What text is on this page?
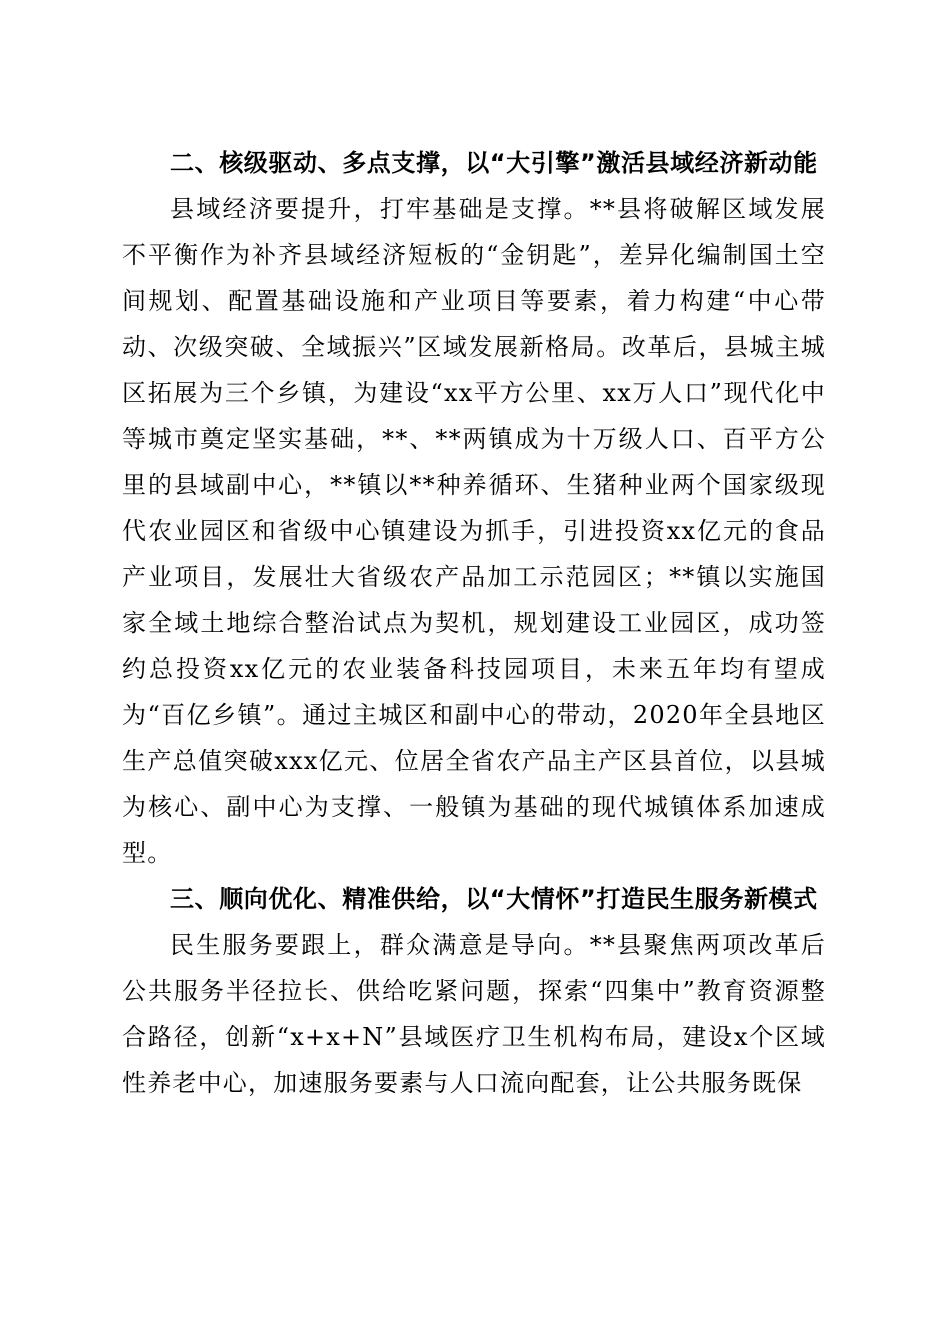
二、核级驱动、多点支撑，以“大引擎”激活县域经济新动能

县域经济要提升，打牢基础是支撑。**县将破解区域发展不平衡作为补齐县域经济短板的“金钥匙”，差异化编制国土空间规划、配置基础设施和产业项目等要素，着力构建“中心带动、次级突破、全域振兴”区域发展新格局。改革后，县城主城区拓展为三个乡镇，为建设“xx平方公里、xx万人口”现代化中等城市奠定坚实基础，**、**两镇成为十万级人口、百平方公里的县域副中心，**镇以**种养循环、生猪种业两个国家级现代农业园区和省级中心镇建设为抓手，引进投资xx亿元的食品产业项目，发展壮大省级农产品加工示范园区；**镇以实施国家全域土地综合整治试点为契机，规划建设工业园区，成功签约总投资xx亿元的农业装备科技园项目，未来五年均有望成为“百亿乡镇”。通过主城区和副中心的带动，2020年全县地区生产总值突破xxx亿元、位居全省农产品主产区县首位，以县城为核心、副中心为支撑、一般镇为基础的现代城镇体系加速成型。

三、顺向优化、精准供给，以“大情怀”打造民生服务新模式

民生服务要跟上，群众满意是导向。**县聚焦两项改革后公共服务半径拉长、供给吃紧问题，探索“四集中”教育资源整合路径，创新“x+x+N”县域医疗卫生机构布局，建设x个区域性养老中心，加速服务要素与人口流向配套，让公共服务既保
